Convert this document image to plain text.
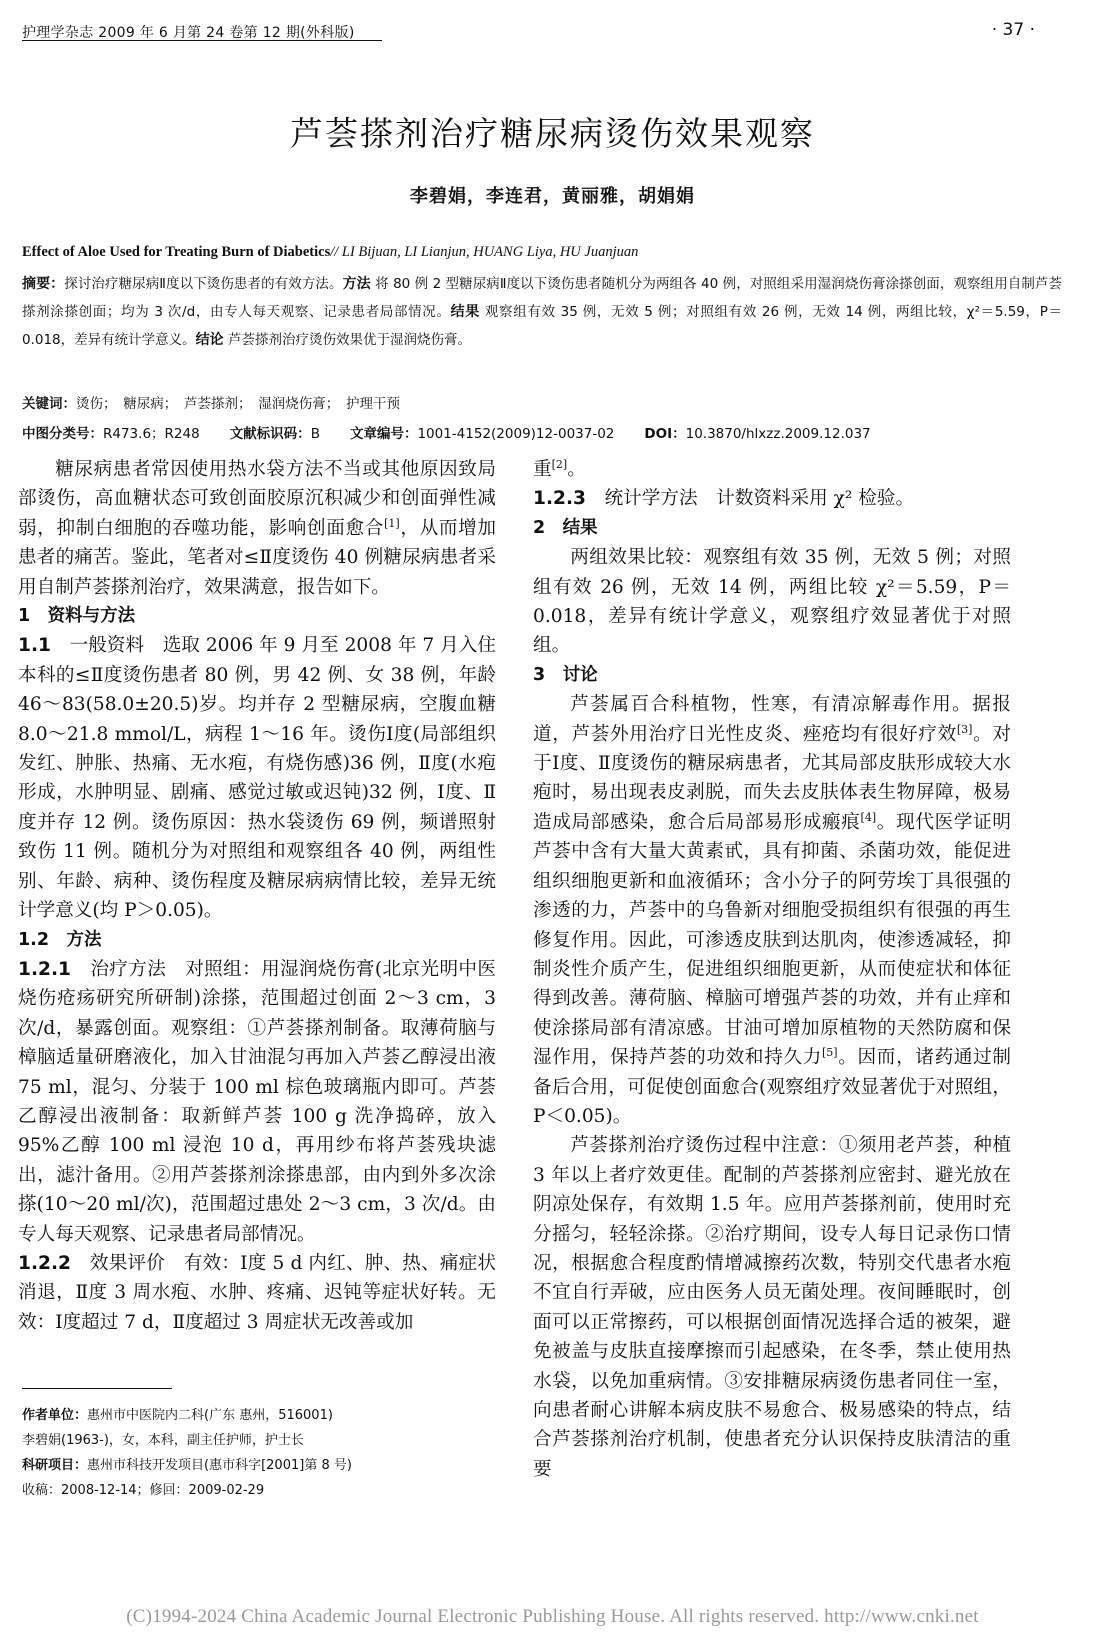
护理学杂志 2009 年 6 月第 24 卷第 12 期(外科版)	· 37 ·
芦荟搽剂治疗糖尿病烫伤效果观察
李碧娟，李连君，黄丽雅，胡娟娟
Effect of Aloe Used for Treating Burn of Diabetics// LI Bijuan, LI Lianjun, HUANG Liya, HU Juanjuan
摘要：探讨治疗糖尿病Ⅱ度以下烫伤患者的有效方法。方法 将 80 例 2 型糖尿病Ⅱ度以下烫伤患者随机分为两组各 40 例，对照组采用湿润烧伤膏涂搽创面，观察组用自制芦荟搽剂涂搽创面；均为 3 次/d，由专人每天观察、记录患者局部情况。结果 观察组有效 35 例，无效 5 例；对照组有效 26 例，无效 14 例，两组比较，χ²＝5.59，P＝0.018，差异有统计学意义。结论 芦荟搽剂治疗烫伤效果优于湿润烧伤膏。
关键词：烫伤；　糖尿病；　芦荟搽剂；　湿润烧伤膏；　护理干预
中图分类号：R473.6；R248 文献标识码：B 文章编号：1001-4152(2009)12-0037-02 DOI：10.3870/hlxzz.2009.12.037

糖尿病患者常因使用热水袋方法不当或其他原因致局部烫伤，高血糖状态可致创面胶原沉积减少和创面弹性减弱，抑制白细胞的吞噬功能，影响创面愈合[1]，从而增加患者的痛苦。鉴此，笔者对≤Ⅱ度烫伤 40 例糖尿病患者采用自制芦荟搽剂治疗，效果满意，报告如下。

1　资料与方法

1.1　 一般资料　 选取 2006 年 9 月至 2008 年 7 月入住本科的≤Ⅱ度烫伤患者 80 例，男 42 例、女 38 例，年龄 46～83(58.0±20.5)岁。均并存 2 型糖尿病，空腹血糖 8.0～21.8 mmol/L，病程 1～16 年。烫伤Ⅰ度(局部组织发红、肿胀、热痛、无水疱，有烧伤感)36 例，Ⅱ度(水疱形成，水肿明显、剧痛、感觉过敏或迟钝)32 例，Ⅰ度、Ⅱ度并存 12 例。烫伤原因：热水袋烫伤 69 例，频谱照射致伤 11 例。随机分为对照组和观察组各 40 例，两组性别、年龄、病种、烫伤程度及糖尿病病情比较，差异无统计学意义(均 P＞0.05)。

1.2　方法

1.2.1　 治疗方法　 对照组：用湿润烧伤膏(北京光明中医烧伤疮疡研究所研制)涂搽，范围超过创面 2～3 cm，3 次/d，暴露创面。观察组：①芦荟搽剂制备。取薄荷脑与樟脑适量研磨液化，加入甘油混匀再加入芦荟乙醇浸出液 75 ml，混匀、分装于 100 ml 棕色玻璃瓶内即可。芦荟乙醇浸出液制备：取新鲜芦荟 100 g 洗净捣碎，放入 95%乙醇 100 ml 浸泡 10 d，再用纱布将芦荟残块滤出，滤汁备用。②用芦荟搽剂涂搽患部，由内到外多次涂搽(10～20 ml/次)，范围超过患处 2～3 cm，3 次/d。由专人每天观察、记录患者局部情况。

1.2.2　 效果评价　 有效：Ⅰ度 5 d 内红、肿、热、痛症状消退，Ⅱ度 3 周水疱、水肿、疼痛、迟钝等症状好转。无效：Ⅰ度超过 7 d，Ⅱ度超过 3 周症状无改善或加

重[2]。

1.2.3　 统计学方法　 计数资料采用 χ² 检验。

2　结果

两组效果比较：观察组有效 35 例，无效 5 例；对照组有效 26 例，无效 14 例，两组比较 χ²＝5.59，P＝0.018，差异有统计学意义，观察组疗效显著优于对照组。

3　讨论

芦荟属百合科植物，性寒，有清凉解毒作用。据报道，芦荟外用治疗日光性皮炎、痤疮均有很好疗效[3]。对于Ⅰ度、Ⅱ度烫伤的糖尿病患者，尤其局部皮肤形成较大水疱时，易出现表皮剥脱，而失去皮肤体表生物屏障，极易造成局部感染，愈合后局部易形成瘢痕[4]。现代医学证明芦荟中含有大量大黄素甙，具有抑菌、杀菌功效，能促进组织细胞更新和血液循环；含小分子的阿劳埃丁具很强的渗透的力，芦荟中的乌鲁新对细胞受损组织有很强的再生修复作用。因此，可渗透皮肤到达肌肉，使渗透减轻，抑制炎性介质产生，促进组织细胞更新，从而使症状和体征得到改善。薄荷脑、樟脑可增强芦荟的功效，并有止痒和使涂搽局部有清凉感。甘油可增加原植物的天然防腐和保湿作用，保持芦荟的功效和持久力[5]。因而，诸药通过制备后合用，可促使创面愈合(观察组疗效显著优于对照组，P＜0.05)。

芦荟搽剂治疗烫伤过程中注意：①须用老芦荟，种植 3 年以上者疗效更佳。配制的芦荟搽剂应密封、避光放在阴凉处保存，有效期 1.5 年。应用芦荟搽剂前，使用时充分摇匀，轻轻涂搽。②治疗期间，设专人每日记录伤口情况，根据愈合程度酌情增减擦药次数，特别交代患者水疱不宜自行弄破，应由医务人员无菌处理。夜间睡眠时，创面可以正常擦药，可以根据创面情况选择合适的被架，避免被盖与皮肤直接摩擦而引起感染，在冬季，禁止使用热水袋，以免加重病情。③安排糖尿病烫伤患者同住一室，向患者耐心讲解本病皮肤不易愈合、极易感染的特点，结合芦荟搽剂治疗机制，使患者充分认识保持皮肤清洁的重要

作者单位：惠州市中医院内二科(广东 惠州，516001)

李碧娟(1963-)，女，本科，副主任护师，护士长

科研项目：惠州市科技开发项目(惠市科字[2001]第 8 号)

收稿：2008-12-14；修回：2009-02-29

(C)1994-2024 China Academic Journal Electronic Publishing House. All rights reserved. http://www.cnki.net
